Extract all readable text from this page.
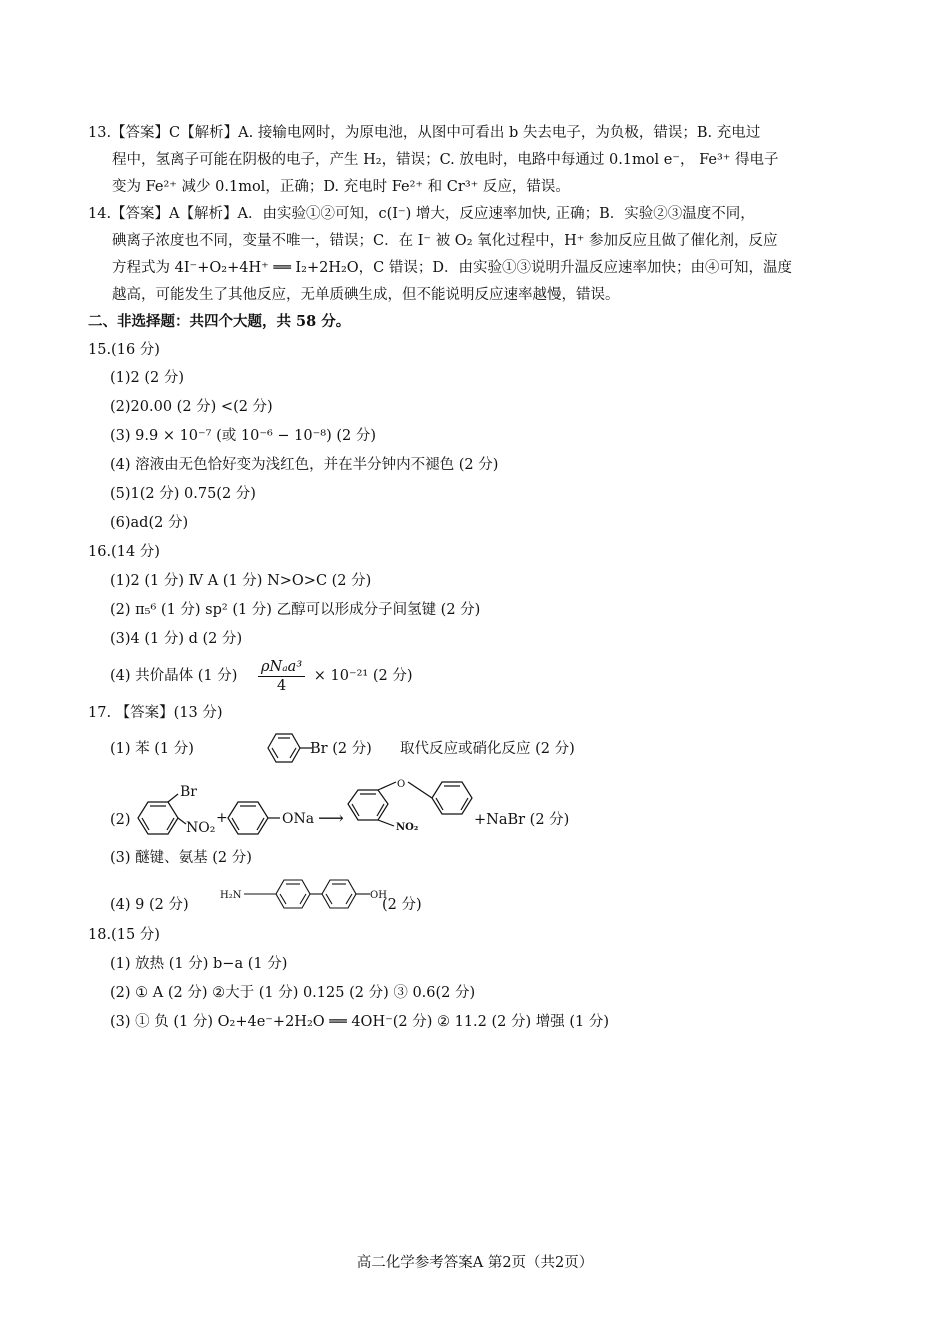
13.【答案】C【解析】A. 接输电网时，为原电池，从图中可看出 b 失去电子，为负极，错误；B. 充电过
程中，氢离子可能在阴极的电子，产生 H₂，错误；C. 放电时，电路中每通过 0.1mol e⁻， Fe³⁺ 得电子
变为 Fe²⁺ 减少 0.1mol，正确；D. 充电时 Fe²⁺ 和 Cr³⁺ 反应，错误。
14.【答案】A【解析】A．由实验①②可知，c(I⁻) 增大，反应速率加快, 正确；B．实验②③温度不同，
碘离子浓度也不同，变量不唯一，错误；C．在 I⁻ 被 O₂ 氧化过程中，H⁺ 参加反应且做了催化剂，反应
方程式为 4I⁻+O₂+4H⁺ ══ I₂+2H₂O，C 错误；D．由实验①③说明升温反应速率加快；由④可知，温度
越高，可能发生了其他反应，无单质碘生成，但不能说明反应速率越慢，错误。
二、非选择题：共四个大题，共 58 分。
15.(16 分)
(1)2 (2 分)
(2)20.00 (2 分) <(2 分)
(3) 9.9 × 10⁻⁷ (或 10⁻⁶ − 10⁻⁸) (2 分)
(4) 溶液由无色恰好变为浅红色，并在半分钟内不褪色 (2 分)
(5)1(2 分) 0.75(2 分)
(6)ad(2 分)
16.(14 分)
(1)2 (1 分) Ⅳ A (1 分) N>O>C (2 分)
(2) π₅⁶ (1 分) sp² (1 分) 乙醇可以形成分子间氢键 (2 分)
(3)4 (1 分) d (2 分)
(4) 共价晶体 (1 分) $\frac{\text{ρNₐa³}}{4} \times 10^{-21}$ (2 分)
17. 【答案】(13 分)
(1) 苯 (1 分)	Br (2 分) 取代反应或硝化反应 (2 分)
(2)
Br
NO₂
+	ONa ⟶
O
NO₂	+NaBr (2 分)
(3) 醚键、氨基 (2 分)
(4) 9 (2 分)
H₂N	OH
(2 分)
18.(15 分)
(1) 放热 (1 分) b−a (1 分)
(2) ① A (2 分) ②大于 (1 分) 0.125 (2 分) ③ 0.6(2 分)
(3) ① 负 (1 分) O₂+4e⁻+2H₂O ══ 4OH⁻(2 分) ② 11.2 (2 分) 增强 (1 分)
高二化学参考答案A 第2页（共2页）
